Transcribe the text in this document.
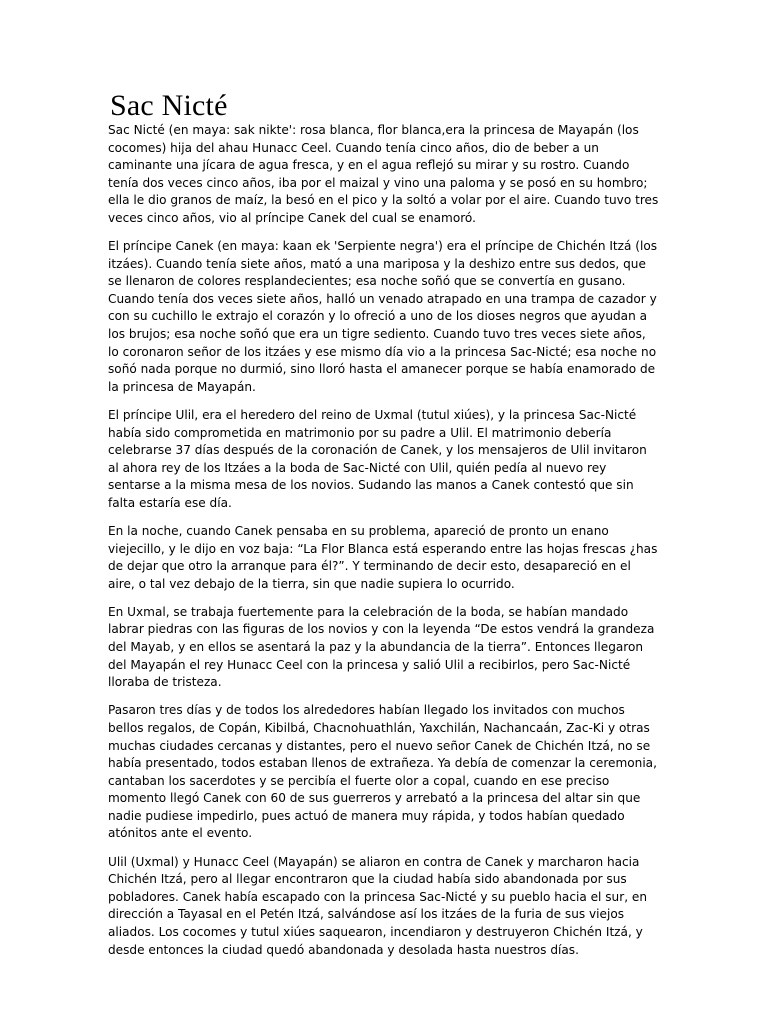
Sac Nicté

Sac Nicté (en maya: sak nikte': rosa blanca, flor blanca,era la princesa de Mayapán (los cocomes) hija del ahau Hunacc Ceel. Cuando tenía cinco años, dio de beber a un caminante una jícara de agua fresca, y en el agua reflejó su mirar y su rostro. Cuando tenía dos veces cinco años, iba por el maizal y vino una paloma y se posó en su hombro; ella le dio granos de maíz, la besó en el pico y la soltó a volar por el aire. Cuando tuvo tres veces cinco años, vio al príncipe Canek del cual se enamoró.

El príncipe Canek (en maya: kaan ek 'Serpiente negra') era el príncipe de Chichén Itzá (los itzáes). Cuando tenía siete años, mató a una mariposa y la deshizo entre sus dedos, que se llenaron de colores resplandecientes; esa noche soñó que se convertía en gusano. Cuando tenía dos veces siete años, halló un venado atrapado en una trampa de cazador y con su cuchillo le extrajo el corazón y lo ofreció a uno de los dioses negros que ayudan a los brujos; esa noche soñó que era un tigre sediento. Cuando tuvo tres veces siete años, lo coronaron señor de los itzáes y ese mismo día vio a la princesa Sac-Nicté; esa noche no soñó nada porque no durmió, sino lloró hasta el amanecer porque se había enamorado de la princesa de Mayapán.

El príncipe Ulil, era el heredero del reino de Uxmal (tutul xiúes), y la princesa Sac-Nicté había sido comprometida en matrimonio por su padre a Ulil. El matrimonio debería celebrarse 37 días después de la coronación de Canek, y los mensajeros de Ulil invitaron al ahora rey de los Itzáes a la boda de Sac-Nicté con Ulil, quién pedía al nuevo rey sentarse a la misma mesa de los novios. Sudando las manos a Canek contestó que sin falta estaría ese día.

En la noche, cuando Canek pensaba en su problema, apareció de pronto un enano viejecillo, y le dijo en voz baja: “La Flor Blanca está esperando entre las hojas frescas ¿has de dejar que otro la arranque para él?”. Y terminando de decir esto, desapareció en el aire, o tal vez debajo de la tierra, sin que nadie supiera lo ocurrido.

En Uxmal, se trabaja fuertemente para la celebración de la boda, se habían mandado labrar piedras con las figuras de los novios y con la leyenda “De estos vendrá la grandeza del Mayab, y en ellos se asentará la paz y la abundancia de la tierra”. Entonces llegaron del Mayapán el rey Hunacc Ceel con la princesa y salió Ulil a recibirlos, pero Sac-Nicté lloraba de tristeza.

Pasaron tres días y de todos los alrededores habían llegado los invitados con muchos bellos regalos, de Copán, Kibilbá, Chacnohuathlán, Yaxchilán, Nachancaán, Zac-Ki y otras muchas ciudades cercanas y distantes, pero el nuevo señor Canek de Chichén Itzá, no se había presentado, todos estaban llenos de extrañeza. Ya debía de comenzar la ceremonia, cantaban los sacerdotes y se percibía el fuerte olor a copal, cuando en ese preciso momento llegó Canek con 60 de sus guerreros y arrebató a la princesa del altar sin que nadie pudiese impedirlo, pues actuó de manera muy rápida, y todos habían quedado atónitos ante el evento.

Ulil (Uxmal) y Hunacc Ceel (Mayapán) se aliaron en contra de Canek y marcharon hacia Chichén Itzá, pero al llegar encontraron que la ciudad había sido abandonada por sus pobladores. Canek había escapado con la princesa Sac-Nicté y su pueblo hacia el sur, en dirección a Tayasal en el Petén Itzá, salvándose así los itzáes de la furia de sus viejos aliados. Los cocomes y tutul xiúes saquearon, incendiaron y destruyeron Chichén Itzá, y desde entonces la ciudad quedó abandonada y desolada hasta nuestros días.
